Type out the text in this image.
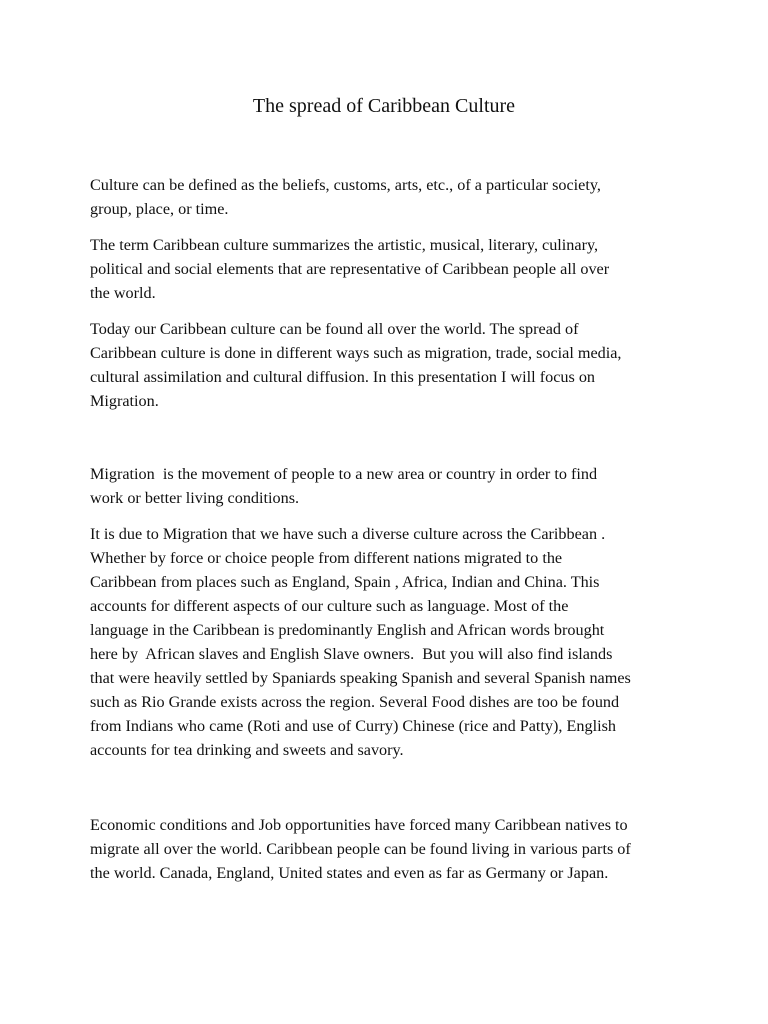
The spread of Caribbean Culture

Culture can be defined as the beliefs, customs, arts, etc., of a particular society,
group, place, or time.

The term Caribbean culture summarizes the artistic, musical, literary, culinary,
political and social elements that are representative of Caribbean people all over
the world.

Today our Caribbean culture can be found all over the world. The spread of
Caribbean culture is done in different ways such as migration, trade, social media,
cultural assimilation and cultural diffusion. In this presentation I will focus on
Migration.

Migration  is the movement of people to a new area or country in order to find
work or better living conditions.

It is due to Migration that we have such a diverse culture across the Caribbean .
Whether by force or choice people from different nations migrated to the
Caribbean from places such as England, Spain , Africa, Indian and China. This
accounts for different aspects of our culture such as language. Most of the
language in the Caribbean is predominantly English and African words brought
here by  African slaves and English Slave owners.  But you will also find islands
that were heavily settled by Spaniards speaking Spanish and several Spanish names
such as Rio Grande exists across the region. Several Food dishes are too be found
from Indians who came (Roti and use of Curry) Chinese (rice and Patty), English
accounts for tea drinking and sweets and savory.

Economic conditions and Job opportunities have forced many Caribbean natives to
migrate all over the world. Caribbean people can be found living in various parts of
the world. Canada, England, United states and even as far as Germany or Japan.
